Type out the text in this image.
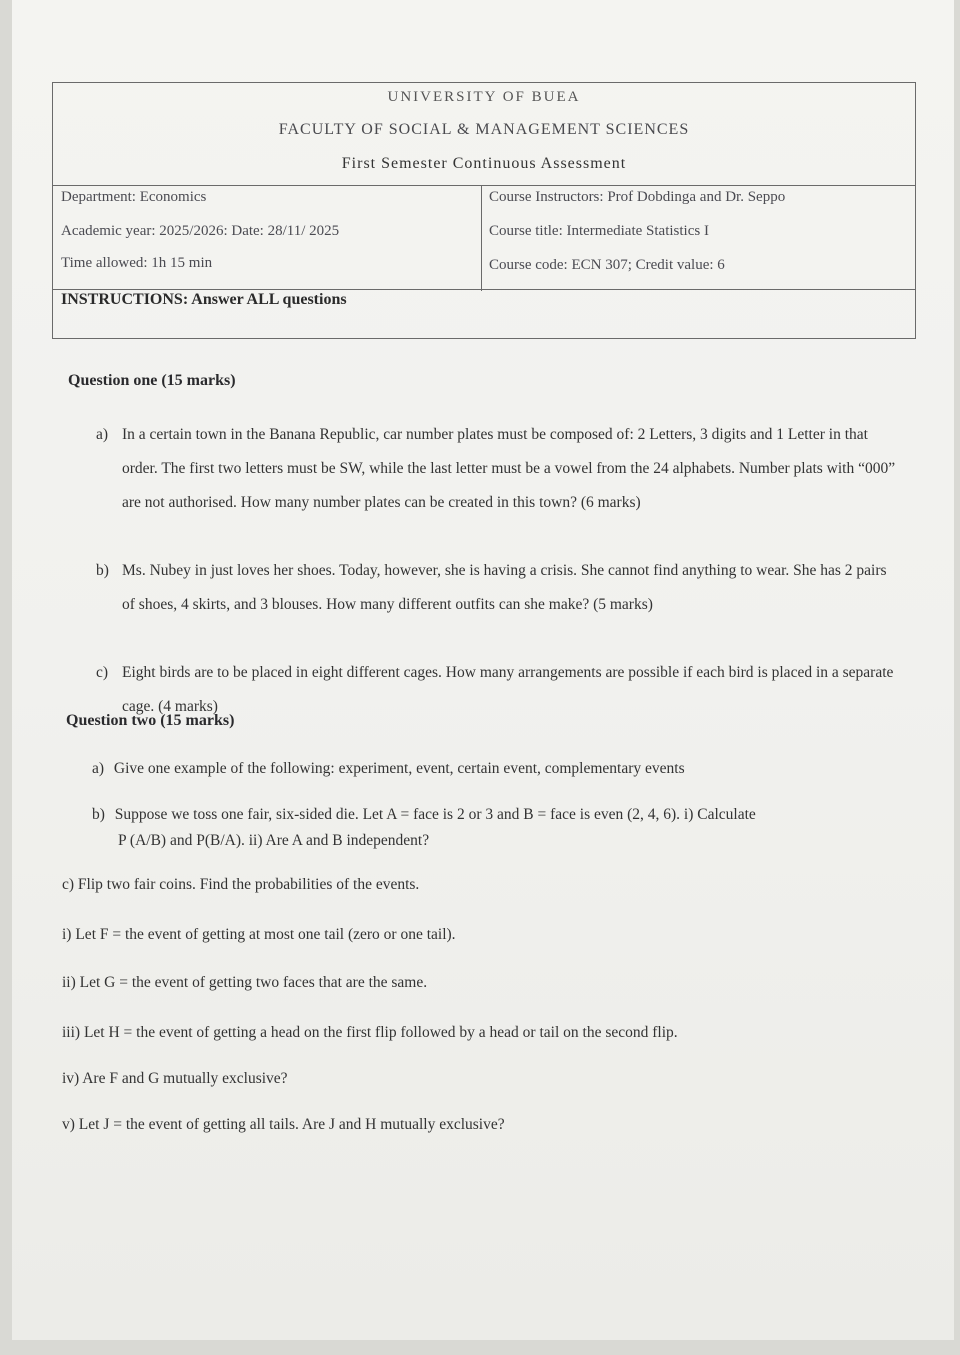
UNIVERSITY OF BUEA
FACULTY OF SOCIAL & MANAGEMENT SCIENCES
First Semester Continuous Assessment
Department: Economics
Academic year: 2025/2026: Date: 28/11/ 2025
Time allowed: 1h 15 min
Course Instructors: Prof Dobdinga and Dr. Seppo
Course title: Intermediate Statistics I
Course code: ECN 307; Credit value: 6
INSTRUCTIONS: Answer ALL questions
Question one (15 marks)
a) In a certain town in the Banana Republic, car number plates must be composed of: 2 Letters, 3 digits and 1 Letter in that order. The first two letters must be SW, while the last letter must be a vowel from the 24 alphabets. Number plats with “000” are not authorised. How many number plates can be created in this town? (6 marks)
b) Ms. Nubey in just loves her shoes. Today, however, she is having a crisis. She cannot find anything to wear. She has 2 pairs of shoes, 4 skirts, and 3 blouses. How many different outfits can she make? (5 marks)
c) Eight birds are to be placed in eight different cages. How many arrangements are possible if each bird is placed in a separate cage. (4 marks)
Question two (15 marks)
a) Give one example of the following: experiment, event, certain event, complementary events
b) Suppose we toss one fair, six-sided die. Let A = face is 2 or 3 and B = face is even (2, 4, 6). i) Calculate
P (A/B) and P(B/A). ii) Are A and B independent?
c) Flip two fair coins. Find the probabilities of the events.
i) Let F = the event of getting at most one tail (zero or one tail).
ii) Let G = the event of getting two faces that are the same.
iii) Let H = the event of getting a head on the first flip followed by a head or tail on the second flip.
iv) Are F and G mutually exclusive?
v) Let J = the event of getting all tails. Are J and H mutually exclusive?
